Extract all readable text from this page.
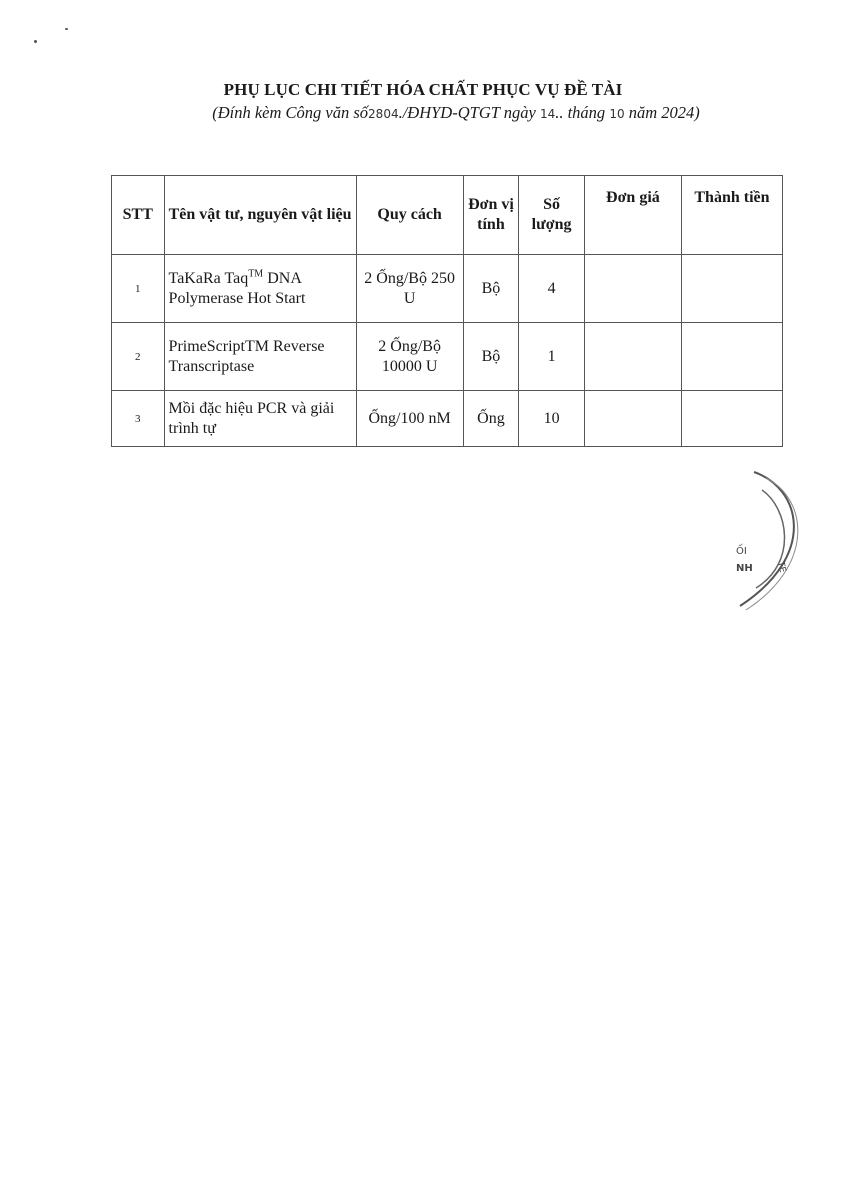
PHỤ LỤC CHI TIẾT HÓA CHẤT PHỤC VỤ ĐỀ TÀI
(Đính kèm Công văn số2804./ĐHYD-QTGT ngày 14.. tháng 10 năm 2024)
STT	Tên vật tư, nguyên vật liệu	Quy cách	Đơn vị tính	Số lượng	Đơn giá	Thành tiền
1	TaKaRa Taq™ DNA Polymerase Hot Start	2 Ống/Bộ 250 U	Bộ	4		
2	PrimeScriptTM Reverse Transcriptase	2 Ống/Bộ 10000 U	Bộ	1		
3	Mồi đặc hiệu PCR và giải trình tự	Ống/100 nM	Ống	10		
ỐI
NH TE
